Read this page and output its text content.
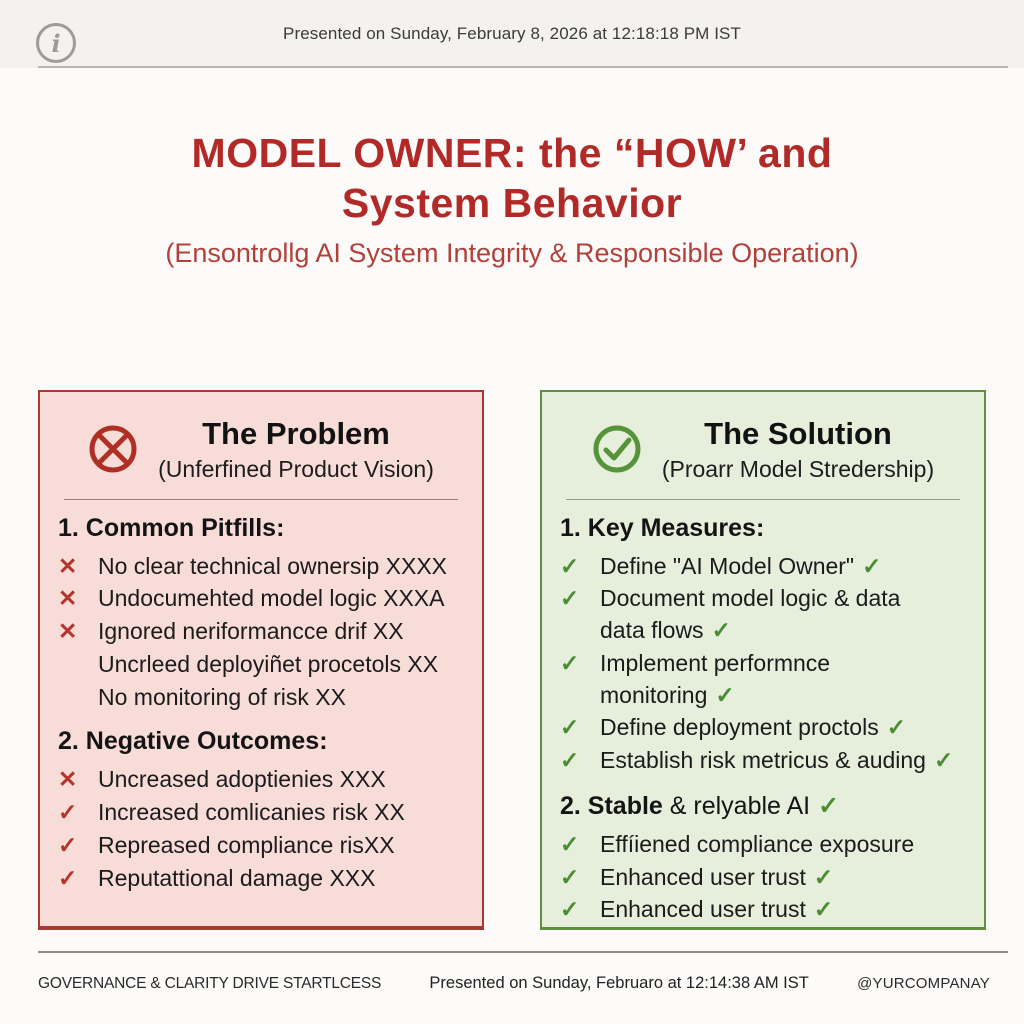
i	Presented on Sunday, February 8, 2026 at 12:18:18 PM IST
MODEL OWNER: the “HOW’ and
System Behavior
(Ensontrollg AI System Integrity & Responsible Operation)
The Problem
(Unferfined Product Vision)
1. Common Pitfills:
✕ No clear technical ownersip XXXX
✕ Undocumehted model logic XXXA
✕ Ignored neriformancce drif XX
Uncrleed deployiñet procetols XX
No monitoring of risk XX
2. Negative Outcomes:
✕ Uncreased adoptienies XXX
✓ Increased comlicanies risk XX
✓ Repreased compliance risXX
✓ Reputattional damage XXX
The Solution
(Proarr Model Stredership)
1. Key Measures:
✓ Define "AI Model Owner" ✓
✓ Document model logic & data
data flows ✓
✓ Implement performnce monitoring ✓
✓ Define deployment proctols ✓
✓ Establish risk metricus & auding ✓
2. Stable & relyable AI ✓
✓ Effíiened compliance exposure
✓ Enhanced user trust ✓
✓ Enhanced user trust ✓
GOVERNANCE & CLARITY DRIVE STARTLCESS	Presented on Sunday, Februaro at 12:14:38 AM IST	@YURCOMPANAY
